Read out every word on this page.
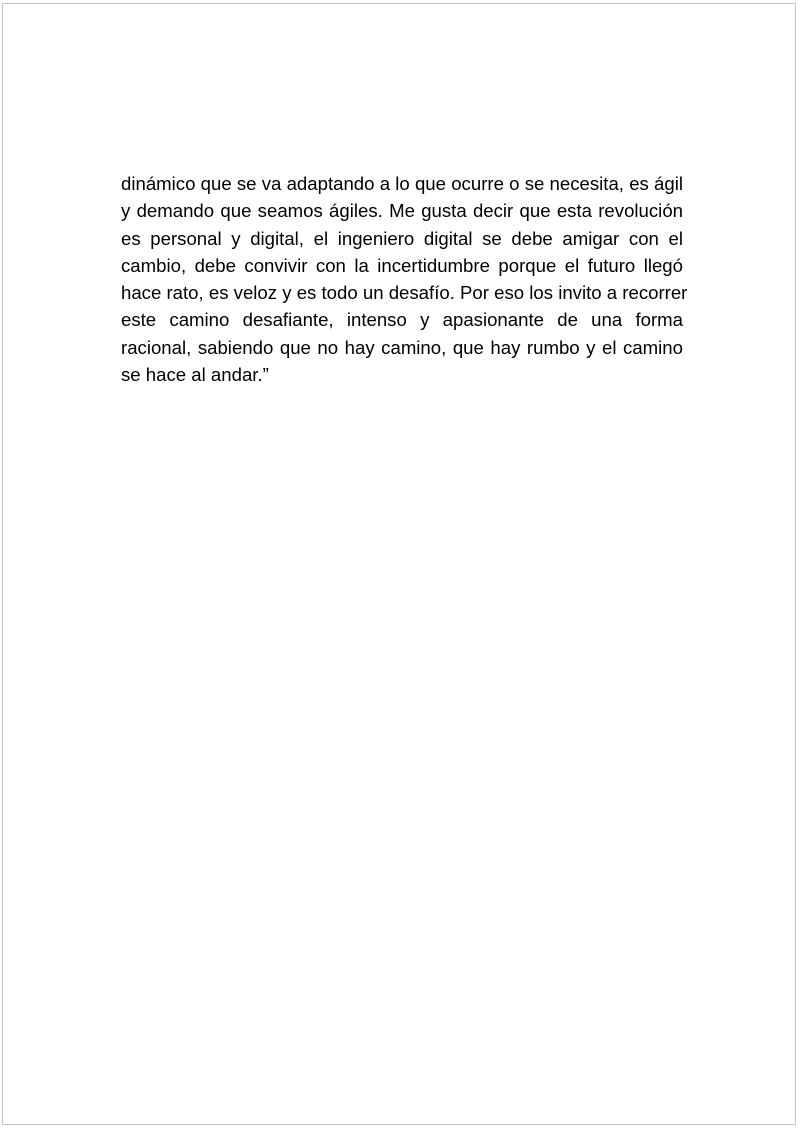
dinámico que se va adaptando a lo que ocurre o se necesita, es ágil
y demando que seamos ágiles. Me gusta decir que esta revolución
es personal y digital, el ingeniero digital se debe amigar con el
cambio, debe convivir con la incertidumbre porque el futuro llegó
hace rato, es veloz y es todo un desafío. Por eso los invito a recorrer
este camino desafiante, intenso y apasionante de una forma
racional, sabiendo que no hay camino, que hay rumbo y el camino
se hace al andar.”
